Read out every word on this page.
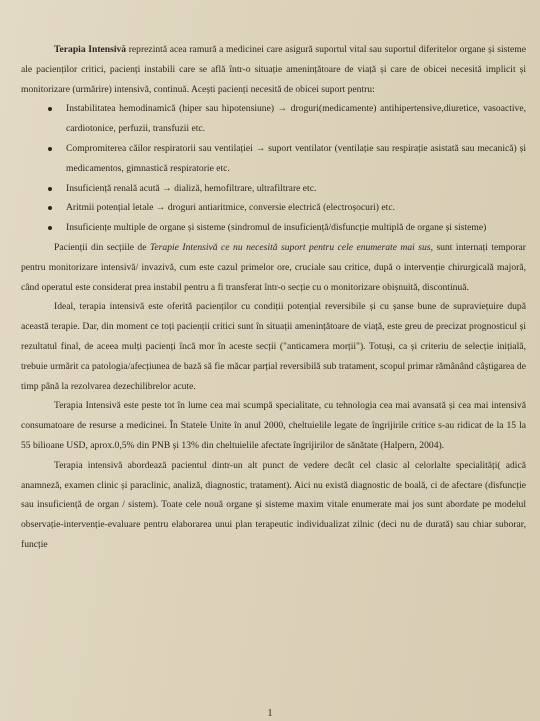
Terapia Intensivă reprezintă acea ramură a medicinei care asigură suportul vital sau suportul diferitelor organe și sisteme ale pacienților critici, pacienți instabili care se află într-o situație amenințătoare de viață și care de obicei necesită implicit și monitorizare (urmărire) intensivă, continuă. Acești pacienți necesită de obicei suport pentru:

Instabilitatea hemodinamică (hiper sau hipotensiune) → droguri(medicamente) antihipertensive,diuretice, vasoactive, cardiotonice, perfuzii, transfuzii etc.
Compromiterea căilor respiratorii sau ventilației → suport ventilator (ventilație sau respirație asistată sau mecanică) și medicamentos, gimnastică respiratorie etc.
Insuficiență renală acută → dializă, hemofiltrare, ultrafiltrare etc.
Aritmii potențial letale → droguri antiaritmice, conversie electrică (electroșocuri) etc.
Insuficiențe multiple de organe și sisteme (sindromul de insuficiență/disfuncție multiplă de organe și sisteme)

Pacienții din secțiile de Terapie Intensivă ce nu necesită suport pentru cele enumerate mai sus, sunt internați temporar pentru monitorizare intensivă/ invazivă, cum este cazul primelor ore, cruciale sau critice, după o intervenție chirurgicală majoră, când operatul este considerat prea instabil pentru a fi transferat într-o secție cu o monitorizare obișnuită, discontinuă.

Ideal, terapia intensivă este oferită pacienților cu condiții potențial reversibile și cu șanse bune de supraviețuire după această terapie. Dar, din moment ce toți pacienții critici sunt în situații amenințătoare de viață, este greu de precizat prognosticul și rezultatul final, de aceea mulți pacienți încă mor în aceste secții ("anticamera morții"). Totuși, ca și criteriu de selecție inițială, trebuie urmărit ca patologia/afecțiunea de bază să fie măcar parțial reversibilă sub tratament, scopul primar rămânând câștigarea de timp până la rezolvarea dezechilibrelor acute.

Terapia Intensivă este peste tot în lume cea mai scumpă specialitate, cu tehnologia cea mai avansată și cea mai intensivă consumatoare de resurse a medicinei. În Statele Unite în anul 2000, cheltuielile legate de îngrijirile critice s-au ridicat de la 15 la 55 bilioane USD, aprox.0,5% din PNB și 13% din cheltuielile afectate îngrijirilor de sănătate (Halpern, 2004).

Terapia intensivă abordează pacientul dintr-un alt punct de vedere decât cel clasic al celorlalte specialități( adică anamneză, examen clinic și paraclinic, analiză, diagnostic, tratament). Aici nu există diagnostic de boală, ci de afectare (disfuncție sau insuficiență de organ / sistem). Toate cele nouă organe și sisteme maxim vitale enumerate mai jos sunt abordate pe modelul observație-intervenție-evaluare pentru elaborarea unui plan terapeutic individualizat zilnic (deci nu de durată) sau chiar suborar, funcție

1
